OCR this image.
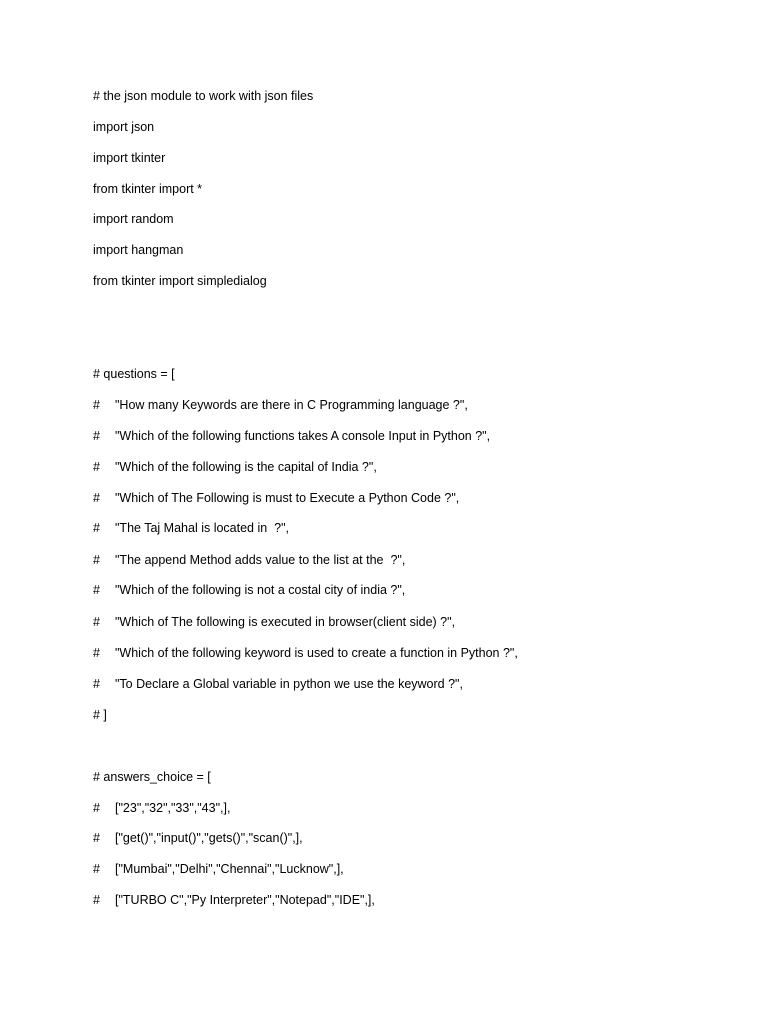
# the json module to work with json files
import json
import tkinter
from tkinter import *
import random
import hangman
from tkinter import simpledialog
# questions = [
# "How many Keywords are there in C Programming language ?",
# "Which of the following functions takes A console Input in Python ?",
# "Which of the following is the capital of India ?",
# "Which of The Following is must to Execute a Python Code ?",
# "The Taj Mahal is located in  ?",
# "The append Method adds value to the list at the  ?",
# "Which of the following is not a costal city of india ?",
# "Which of The following is executed in browser(client side) ?",
# "Which of the following keyword is used to create a function in Python ?",
# "To Declare a Global variable in python we use the keyword ?",
# ]
# answers_choice = [
# ["23","32","33","43",],
# ["get()","input()","gets()","scan()",],
# ["Mumbai","Delhi","Chennai","Lucknow",],
# ["TURBO C","Py Interpreter","Notepad","IDE",],
